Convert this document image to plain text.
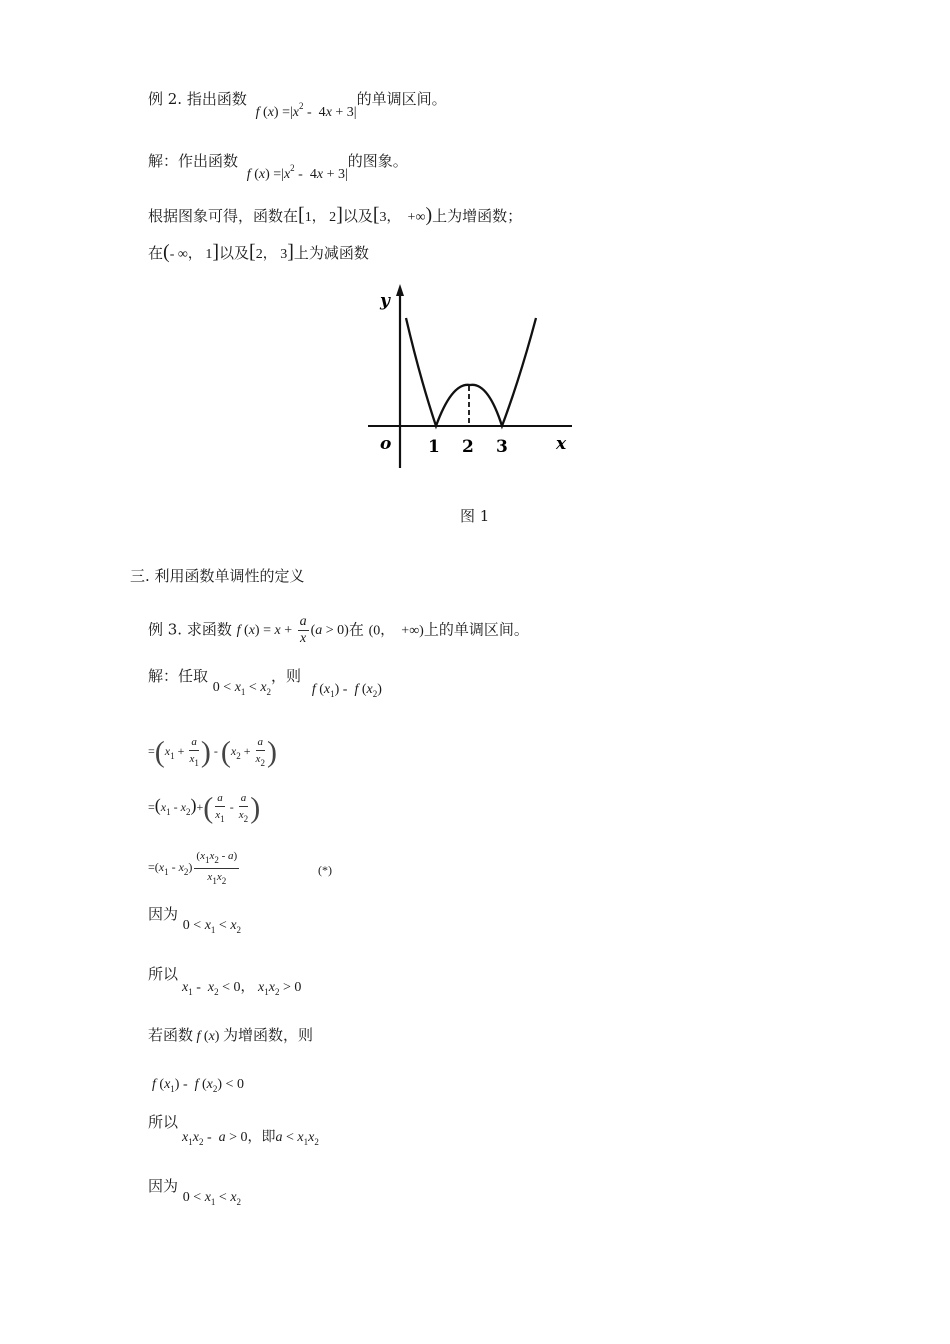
例 2. 指出函数 f $(x) =|x^2 - 4x + 3|$的单调区间。
解：作出函数 f $(x) =|x^2 - 4x + 3|$的图象。
根据图象可得，函数在[1， 2]以及[3，  +∞)上为增函数；
在(- ∞， 1]以及[2， 3]上为减函数
y
x
o 1 2 3
图 1
三. 利用函数单调性的定义
例 3. 求函数 f $(x) = x + \frac{a}{x} (a > 0)$在 (0，  +∞)上的单调区间。
解：任取 $0 < x_1 < x_2$，则 f $(x_1)$ -  f $(x_2)$
$=(x_1 + \frac{a}{x_1}$ ) - ($x_2 + \frac{a}{x_2}$ )
$=(x_1 - x_2)+( \frac{a}{x_1} - \frac{a}{x_2}$ )
$=(x_1 - x_2) \frac{(x_1x_2 - a)}{x_1x_2}$	(*)
因为 $0 < x_1 < x_2$
所以
$x_1 - x_2 < 0$， $x_1x_2 > 0$
若函数 f (x) 为增函数，则
f $(x_1)$ -  f $(x_2) < 0$
所以
$x_1x_2 - a > 0$，即$a < x_1x_2$
因为 $0 < x_1 < x_2$
